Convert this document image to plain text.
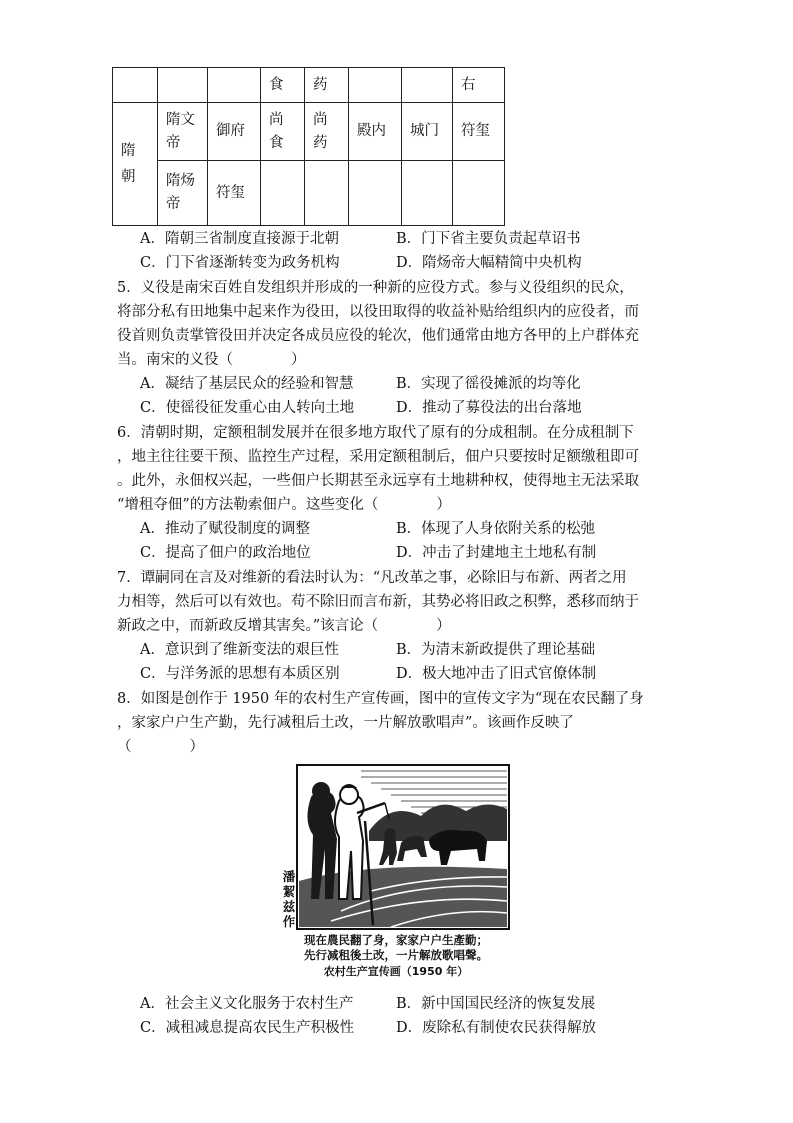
			食	药			右

隋朝	隋文帝	御府	尚食	尚药	殿内	城门	符玺

	隋炀帝	符玺					
A．隋朝三省制度直接源于北朝	B．门下省主要负责起草诏书
C．门下省逐渐转变为政务机构	D．隋炀帝大幅精简中央机构
5．义役是南宋百姓自发组织并形成的一种新的应役方式。参与义役组织的民众，
将部分私有田地集中起来作为役田，以役田取得的收益补贴给组织内的应役者，而
役首则负责掌管役田并决定各成员应役的轮次，他们通常由地方各甲的上户群体充
当。南宋的义役（　　　　）
A．凝结了基层民众的经验和智慧	B．实现了徭役摊派的均等化
C．使徭役征发重心由人转向土地	D．推动了募役法的出台落地
6．清朝时期，定额租制发展并在很多地方取代了原有的分成租制。在分成租制下
，地主往往要干预、监控生产过程，采用定额租制后，佃户只要按时足额缴租即可
。此外，永佃权兴起，一些佃户长期甚至永远享有土地耕种权，使得地主无法采取
“增租夺佃”的方法勒索佃户。这些变化（　　　　）
A．推动了赋役制度的调整	B．体现了人身依附关系的松弛
C．提高了佃户的政治地位	D．冲击了封建地主土地私有制
7．谭嗣同在言及对维新的看法时认为：“凡改革之事，必除旧与布新、两者之用
力相等，然后可以有效也。苟不除旧而言布新，其势必将旧政之积弊，悉移而纳于
新政之中，而新政反增其害矣。”该言论（　　　　）
A．意识到了维新变法的艰巨性	B．为清末新政提供了理论基础
C．与洋务派的思想有本质区别	D．极大地冲击了旧式官僚体制
8．如图是创作于 1950 年的农村生产宣传画，图中的宣传文字为“现在农民翻了身
，家家户户生产勤，先行减租后土改，一片解放歌唱声”。该画作反映了
（　　　　）
潘
絜
兹
作
现在農民翻了身，家家户户生產勤；
先行减租後土改，一片解放歌唱聲。
农村生产宣传画（1950 年）
A．社会主义文化服务于农村生产	B．新中国国民经济的恢复发展
C．减租减息提高农民生产积极性	D．废除私有制使农民获得解放
